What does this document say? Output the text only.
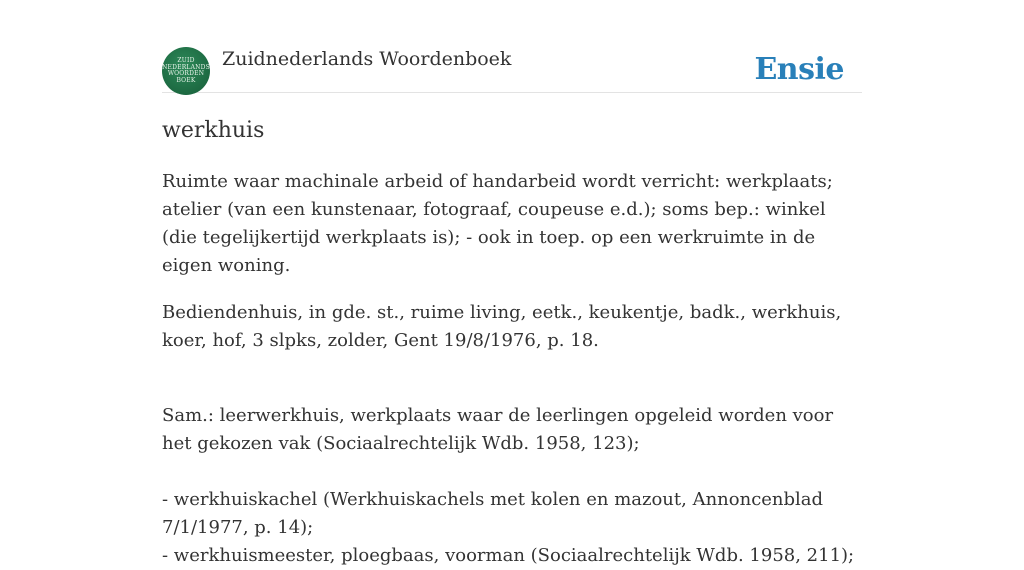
ZUID
NEDERLANDS
WOORDEN
BOEK
Zuidnederlands Woordenboek	Ensie
werkhuis

Ruimte waar machinale arbeid of handarbeid wordt verricht: werkplaats; atelier (van een kunstenaar, fotograaf, coupeuse e.d.); soms bep.: winkel (die tegelijkertijd werkplaats is); - ook in toep. op een werkruimte in de eigen woning.

Bediendenhuis, in gde. st., ruime living, eetk., keukentje, badk., werkhuis, koer, hof, 3 slpks, zolder, Gent 19/8/1976, p. 18.

Sam.: leerwerkhuis, werkplaats waar de leerlingen opgeleid worden voor het gekozen vak (Sociaalrechtelijk Wdb. 1958, 123);
- werkhuiskachel (Werkhuiskachels met kolen en mazout, Annoncenblad 7/1/1977, p. 14);
- werkhuismeester, ploegbaas, voorman (Sociaalrechtelijk Wdb. 1958, 211);
